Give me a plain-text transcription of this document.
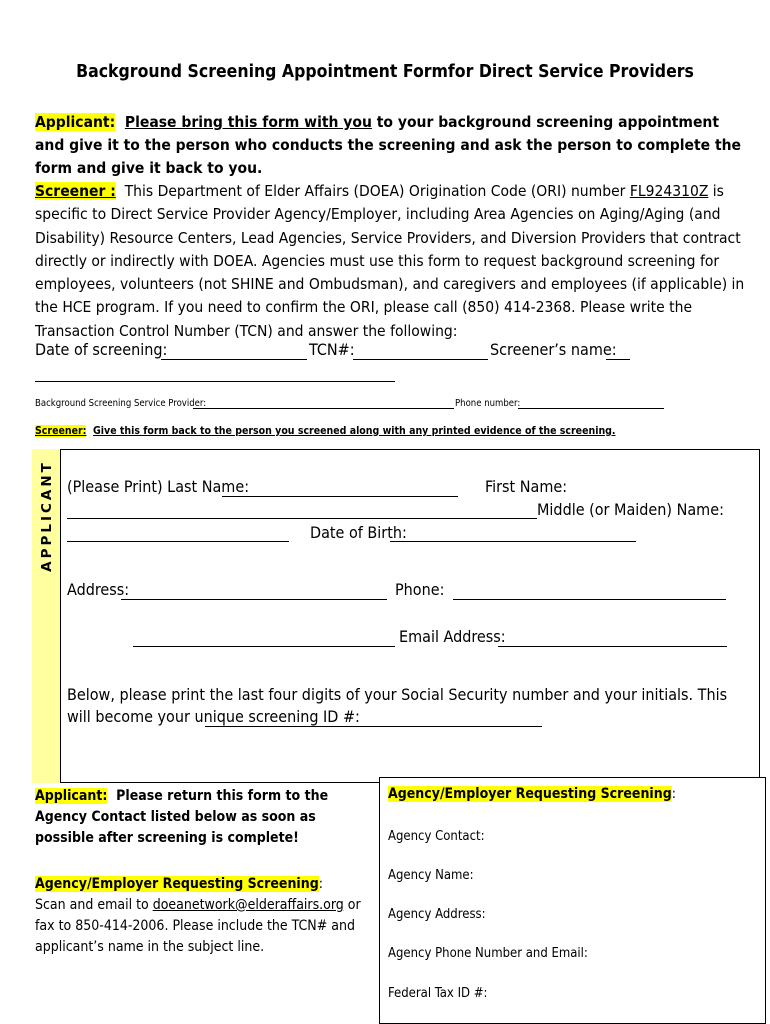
Background Screening Appointment Formfor Direct Service Providers
Applicant: Please bring this form with you to your background screening appointment and give it to the person who conducts the screening and ask the person to complete the form and give it back to you.
Screener : This Department of Elder Affairs (DOEA) Origination Code (ORI) number FL924310Z is specific to Direct Service Provider Agency/Employer, including Area Agencies on Aging/Aging (and Disability) Resource Centers, Lead Agencies, Service Providers, and Diversion Providers that contract directly or indirectly with DOEA. Agencies must use this form to request background screening for employees, volunteers (not SHINE and Ombudsman), and caregivers and employees (if applicable) in the HCE program. If you need to confirm the ORI, please call (850) 414-2368. Please write the Transaction Control Number (TCN) and answer the following:
Date of screening:	TCN#:	Screener’s name:
Background Screening Service Provider:	Phone number:
Screener: Give this form back to the person you screened along with any printed evidence of the screening.
APPLICANT (Please Print) Last Name:	First Name:
Middle (or Maiden) Name:
Date of Birth:
Address:	Phone:
Email Address:
Below, please print the last four digits of your Social Security number and your initials. This will become your unique screening ID #:
Applicant: Please return this form to the Agency Contact listed below as soon as possible after screening is complete!
Agency/Employer Requesting Screening:
Scan and email to doeanetwork@elderaffairs.org or fax to 850-414-2006. Please include the TCN# and applicant’s name in the subject line.
Agency/Employer Requesting Screening:
Agency Contact:
Agency Name:
Agency Address:
Agency Phone Number and Email:
Federal Tax ID #:
